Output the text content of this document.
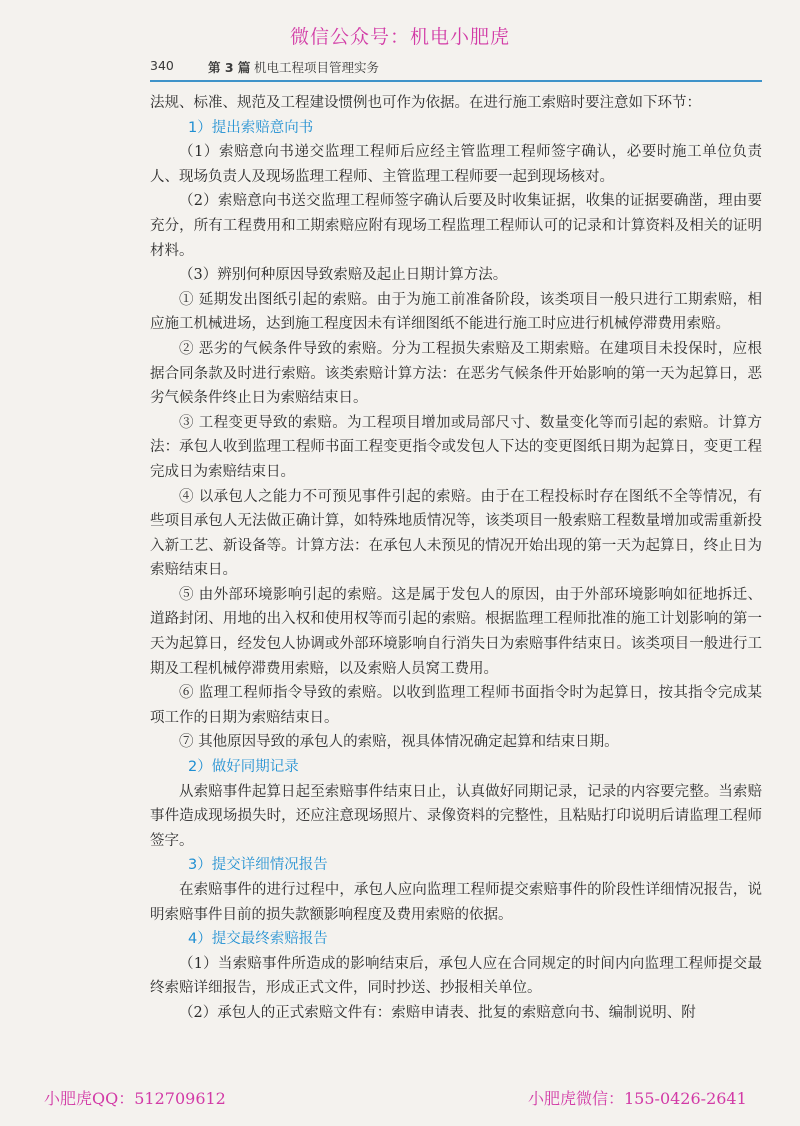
微信公众号：机电小肥虎
340	第 3 篇 机电工程项目管理实务

法规、标准、规范及工程建设惯例也可作为依据。在进行施工索赔时要注意如下环节：

1）提出索赔意向书

（1）索赔意向书递交监理工程师后应经主管监理工程师签字确认，必要时施工单位负责人、现场负责人及现场监理工程师、主管监理工程师要一起到现场核对。

（2）索赔意向书送交监理工程师签字确认后要及时收集证据，收集的证据要确凿，理由要充分，所有工程费用和工期索赔应附有现场工程监理工程师认可的记录和计算资料及相关的证明材料。

（3）辨别何种原因导致索赔及起止日期计算方法。

① 延期发出图纸引起的索赔。由于为施工前准备阶段，该类项目一般只进行工期索赔，相应施工机械进场，达到施工程度因未有详细图纸不能进行施工时应进行机械停滞费用索赔。

② 恶劣的气候条件导致的索赔。分为工程损失索赔及工期索赔。在建项目未投保时，应根据合同条款及时进行索赔。该类索赔计算方法：在恶劣气候条件开始影响的第一天为起算日，恶劣气候条件终止日为索赔结束日。

③ 工程变更导致的索赔。为工程项目增加或局部尺寸、数量变化等而引起的索赔。计算方法：承包人收到监理工程师书面工程变更指令或发包人下达的变更图纸日期为起算日，变更工程完成日为索赔结束日。

④ 以承包人之能力不可预见事件引起的索赔。由于在工程投标时存在图纸不全等情况，有些项目承包人无法做正确计算，如特殊地质情况等，该类项目一般索赔工程数量增加或需重新投入新工艺、新设备等。计算方法：在承包人未预见的情况开始出现的第一天为起算日，终止日为索赔结束日。

⑤ 由外部环境影响引起的索赔。这是属于发包人的原因，由于外部环境影响如征地拆迁、道路封闭、用地的出入权和使用权等而引起的索赔。根据监理工程师批准的施工计划影响的第一天为起算日，经发包人协调或外部环境影响自行消失日为索赔事件结束日。该类项目一般进行工期及工程机械停滞费用索赔，以及索赔人员窝工费用。

⑥ 监理工程师指令导致的索赔。以收到监理工程师书面指令时为起算日，按其指令完成某项工作的日期为索赔结束日。

⑦ 其他原因导致的承包人的索赔，视具体情况确定起算和结束日期。

2）做好同期记录

从索赔事件起算日起至索赔事件结束日止，认真做好同期记录，记录的内容要完整。当索赔事件造成现场损失时，还应注意现场照片、录像资料的完整性，且粘贴打印说明后请监理工程师签字。

3）提交详细情况报告

在索赔事件的进行过程中，承包人应向监理工程师提交索赔事件的阶段性详细情况报告，说明索赔事件目前的损失款额影响程度及费用索赔的依据。

4）提交最终索赔报告

（1）当索赔事件所造成的影响结束后，承包人应在合同规定的时间内向监理工程师提交最终索赔详细报告，形成正式文件，同时抄送、抄报相关单位。

（2）承包人的正式索赔文件有：索赔申请表、批复的索赔意向书、编制说明、附

小肥虎QQ：512709612	小肥虎微信：155-0426-2641
